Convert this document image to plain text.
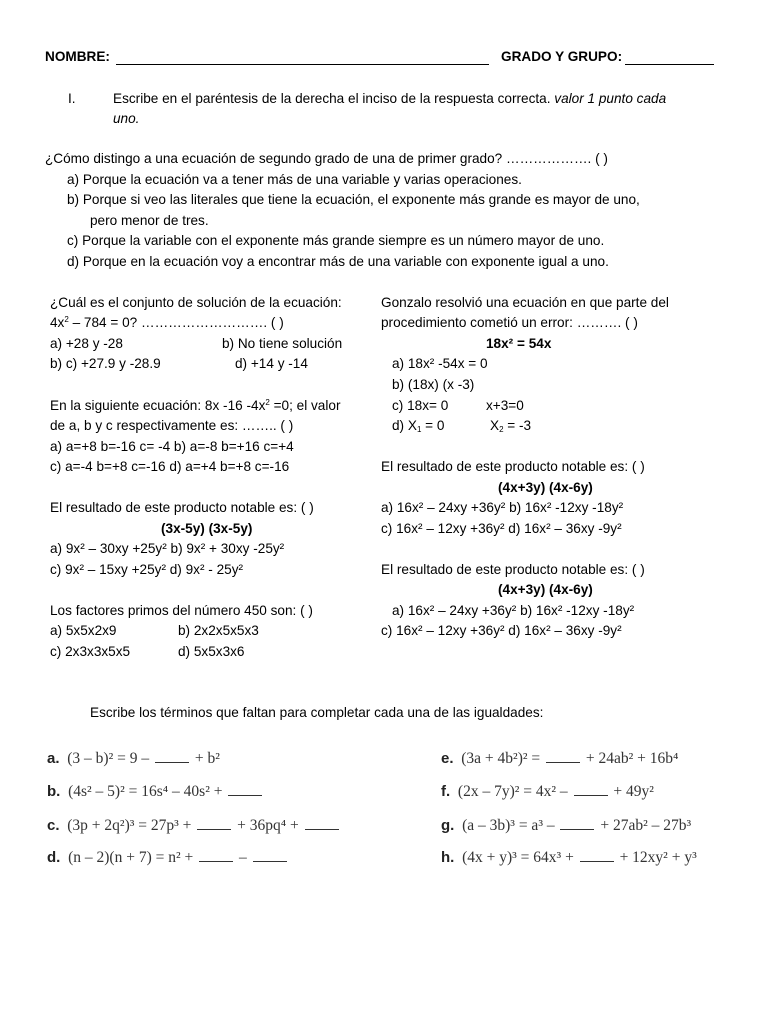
NOMBRE:	GRADO Y GRUPO:
I.	Escribe en el paréntesis de la derecha el inciso de la respuesta correcta. valor 1 punto cada
uno.
¿Cómo distingo a una ecuación de segundo grado de una de primer grado? ………………. ( )
a) Porque la ecuación va a tener más de una variable y varias operaciones.
b) Porque si veo las literales que tiene la ecuación, el exponente más grande es mayor de uno,
pero menor de tres.
c) Porque la variable con el exponente más grande siempre es un número mayor de uno.
d) Porque en la ecuación voy a encontrar más de una variable con exponente igual a uno.
¿Cuál es el conjunto de solución de la ecuación:
$4x^2 - 784 = 0$? ………………………. ( )
a) +28 y -28	b) No tiene solución
b) c) +27.9 y -28.9	d) +14 y -14
En la siguiente ecuación: 8x -16 $-4x^2 =0$; el valor
de a, b y c respectivamente es: …….. ( )
a) a=+8 b=-16 c= -4 b) a=-8 b=+16 c=+4
c) a=-4 b=+8 c=-16 d) a=+4 b=+8 c=-16
El resultado de este producto notable es: ( )
(3x-5y) (3x-5y)
a) 9x² – 30xy +25y² b) 9x² + 30xy -25y²
c) 9x² – 15xy +25y² d) 9x² - 25y²
Los factores primos del número 450 son: ( )
a) 5x5x2x9	b) 2x2x5x5x3
c) 2x3x3x5x5	d) 5x5x3x6
Gonzalo resolvió una ecuación en que parte del
procedimiento cometió un error: ………. ( )
18x² = 54x
a) 18x² -54x = 0
b) (18x) (x -3)
c) 18x= 0	x+3=0
d) $X_1 = 0$	$X_2 = -3$
El resultado de este producto notable es: ( )
(4x+3y) (4x-6y)
a) 16x² – 24xy +36y² b) 16x² -12xy -18y²
c) 16x² – 12xy +36y² d) 16x² – 36xy -9y²
El resultado de este producto notable es: ( )
(4x+3y) (4x-6y)
a) 16x² – 24xy +36y² b) 16x² -12xy -18y²
c) 16x² – 12xy +36y² d) 16x² – 36xy -9y²
Escribe los términos que faltan para completar cada una de las igualdades:
a. (3 – b)² = 9 –  + b²
b. (4s² – 5)² = 16s⁴ – 40s² +
c. (3p + 2q²)³ = 27p³ +  + 36pq⁴ +
d. (n – 2)(n + 7) = n² +  –
e. (3a + 4b²)² =  + 24ab² + 16b⁴
f. (2x – 7y)² = 4x² –  + 49y²
g. (a – 3b)³ = a³ –  + 27ab² – 27b³
h. (4x + y)³ = 64x³ +  + 12xy² + y³
